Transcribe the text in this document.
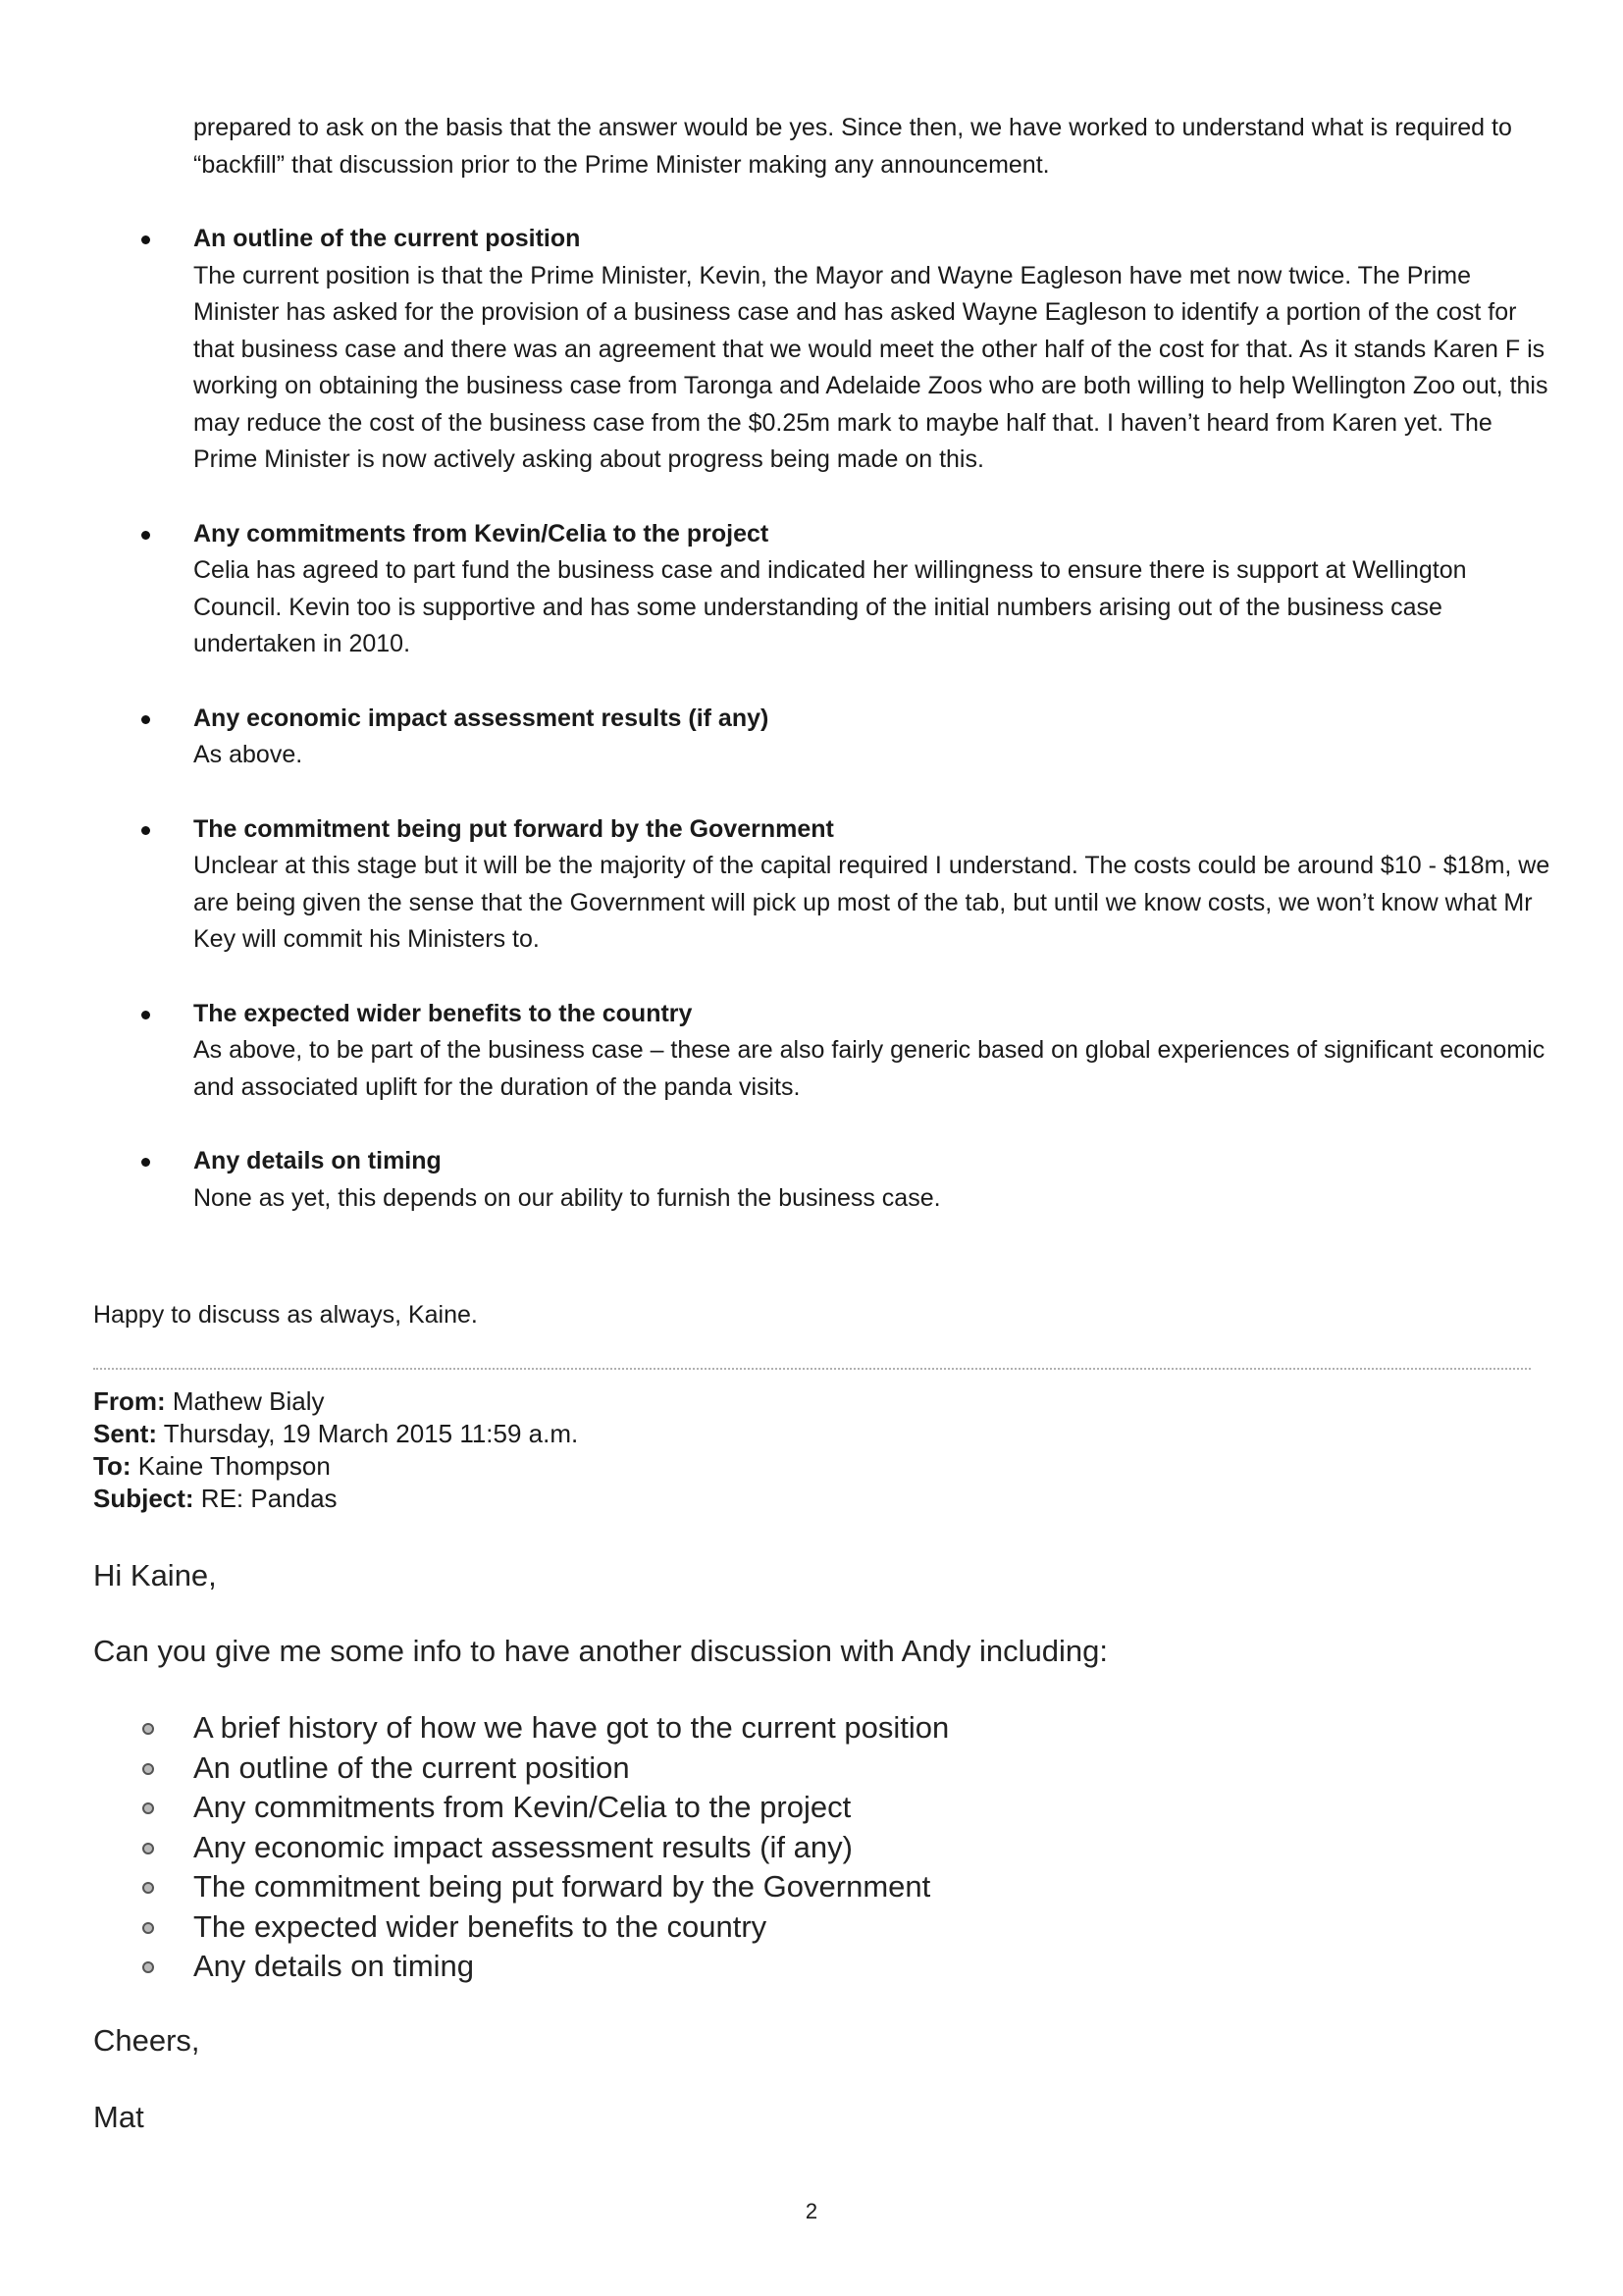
prepared to ask on the basis that the answer would be yes. Since then, we have worked to understand what is required to “backfill” that discussion prior to the Prime Minister making any announcement.

An outline of the current position
The current position is that the Prime Minister, Kevin, the Mayor and Wayne Eagleson have met now twice. The Prime Minister has asked for the provision of a business case and has asked Wayne Eagleson to identify a portion of the cost for that business case and there was an agreement that we would meet the other half of the cost for that. As it stands Karen F is working on obtaining the business case from Taronga and Adelaide Zoos who are both willing to help Wellington Zoo out, this may reduce the cost of the business case from the $0.25m mark to maybe half that. I haven’t heard from Karen yet. The Prime Minister is now actively asking about progress being made on this.
Any commitments from Kevin/Celia to the project
Celia has agreed to part fund the business case and indicated her willingness to ensure there is support at Wellington Council. Kevin too is supportive and has some understanding of the initial numbers arising out of the business case undertaken in 2010.
Any economic impact assessment results (if any)
As above.
The commitment being put forward by the Government
Unclear at this stage but it will be the majority of the capital required I understand. The costs could be around $10 - $18m, we are being given the sense that the Government will pick up most of the tab, but until we know costs, we won’t know what Mr Key will commit his Ministers to.
The expected wider benefits to the country
As above, to be part of the business case – these are also fairly generic based on global experiences of significant economic and associated uplift for the duration of the panda visits.
Any details on timing
None as yet, this depends on our ability to furnish the business case.

Happy to discuss as always, Kaine.

From: Mathew Bialy
Sent: Thursday, 19 March 2015 11:59 a.m.
To: Kaine Thompson
Subject: RE: Pandas

Hi Kaine,

Can you give me some info to have another discussion with Andy including:

A brief history of how we have got to the current position
An outline of the current position
Any commitments from Kevin/Celia to the project
Any economic impact assessment results (if any)
The commitment being put forward by the Government
The expected wider benefits to the country
Any details on timing

Cheers,

Mat

2
